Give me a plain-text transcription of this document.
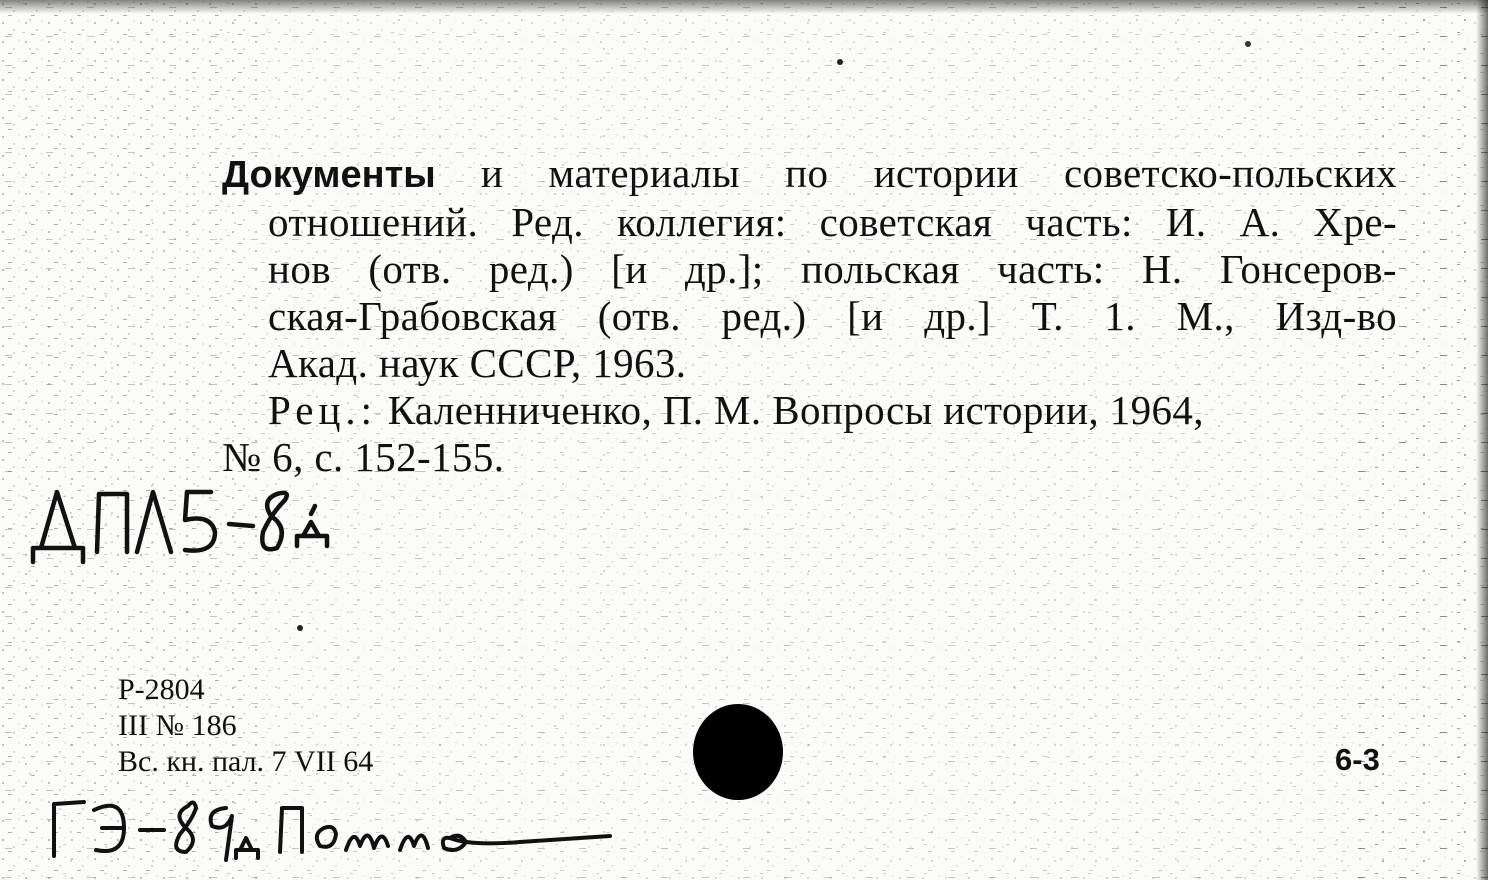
Документы и материалы по истории советско-польских
отношений. Ред. коллегия: советская часть: И. А. Хре-
нов (отв. ред.) [и др.]; польская часть: Н. Гонсеров-
ская-Грабовская (отв. ред.) [и др.] Т. 1. М., Изд-во
Акад. наук СССР, 1963.
Рец.: Каленниченко, П. М. Вопросы истории, 1964,
№ 6, с. 152-155.
Р-2804
III № 186
Вс. кн. пал. 7 VII 64	6-3
